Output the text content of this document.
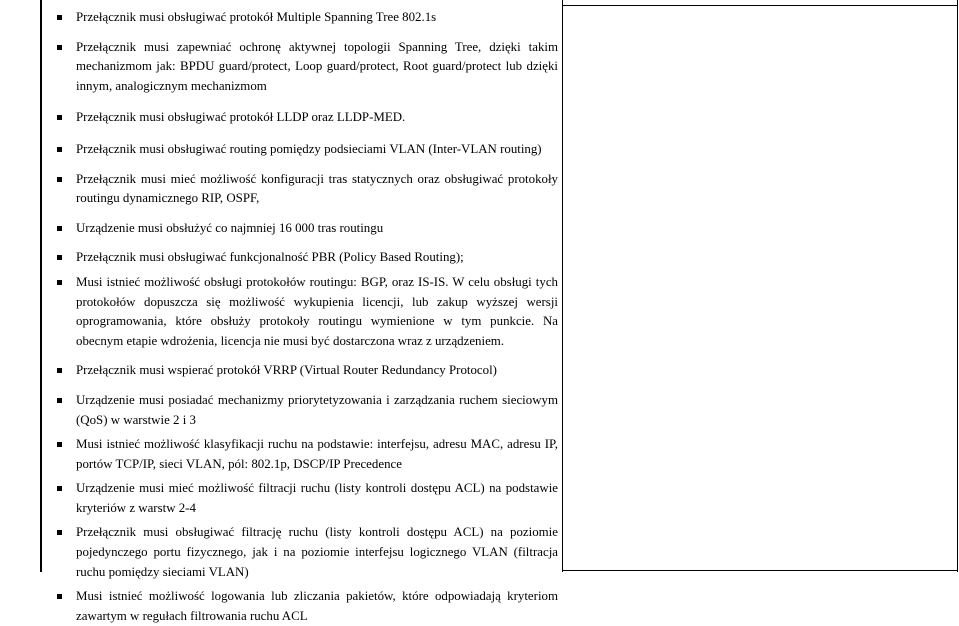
Przełącznik musi obsługiwać protokół Multiple Spanning Tree 802.1s
Przełącznik musi zapewniać ochronę aktywnej topologii Spanning Tree, dzięki takim mechanizmom jak: BPDU guard/protect, Loop guard/protect, Root guard/protect lub dzięki innym, analogicznym mechanizmom
Przełącznik musi obsługiwać protokół LLDP oraz LLDP-MED.
Przełącznik musi obsługiwać routing pomiędzy podsieciami VLAN (Inter-VLAN routing)
Przełącznik musi mieć możliwość konfiguracji tras statycznych oraz obsługiwać protokoły routingu dynamicznego RIP, OSPF,
Urządzenie musi obsłużyć co najmniej 16 000 tras routingu
Przełącznik musi obsługiwać funkcjonalność PBR (Policy Based Routing);
Musi istnieć możliwość obsługi protokołów routingu: BGP, oraz IS-IS. W celu obsługi tych protokołów dopuszcza się możliwość wykupienia licencji, lub zakup wyższej wersji oprogramowania, które obsłuży protokoły routingu wymienione w tym punkcie. Na obecnym etapie wdrożenia, licencja nie musi być dostarczona wraz z urządzeniem.
Przełącznik musi wspierać protokół VRRP (Virtual Router Redundancy Protocol)
Urządzenie musi posiadać mechanizmy priorytetyzowania i zarządzania ruchem sieciowym (QoS) w warstwie 2 i 3
Musi istnieć możliwość klasyfikacji ruchu na podstawie: interfejsu, adresu MAC, adresu IP, portów TCP/IP, sieci VLAN, pól: 802.1p, DSCP/IP Precedence
Urządzenie musi mieć możliwość filtracji ruchu (listy kontroli dostępu ACL) na podstawie kryteriów z warstw 2-4
Przełącznik musi obsługiwać filtrację ruchu (listy kontroli dostępu ACL) na poziomie pojedynczego portu fizycznego, jak i na poziomie interfejsu logicznego VLAN (filtracja ruchu pomiędzy sieciami VLAN)
Musi istnieć możliwość logowania lub zliczania pakietów, które odpowiadają kryteriom zawartym w regułach filtrowania ruchu ACL
